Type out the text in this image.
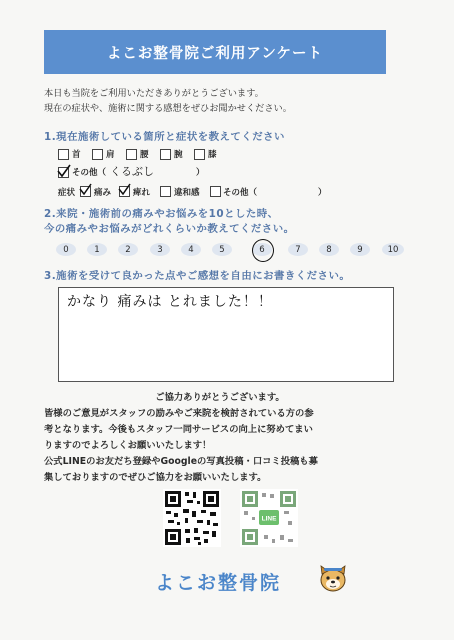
よこお整骨院ご利用アンケート
本日も当院をご利用いただきありがとうございます。
現在の症状や、施術に関する感想をぜひお聞かせください。
1.現在施術している箇所と症状を教えてください
首	肩	腰	腕	膝
その他（ くるぶし	）
症状 痛み	痺れ	違和感	その他（	）
2.来院・施術前の痛みやお悩みを10とした時、
今の痛みやお悩みがどれくらいか教えてください。
0	1	2	3	4	5	6	7	8	9	10
3.施術を受けて良かった点やご感想を自由にお書きください。
かなり 痛みは とれました！！
ご協力ありがとうございます。
皆様のご意見がスタッフの励みやご来院を検討されている方の参
考となります。今後もスタッフ一同サービスの向上に努めてまい
りますのでよろしくお願いいたします！
公式LINEのお友だち登録やGoogleの写真投稿・口コミ投稿も募
集しておりますのでぜひご協力をお願いいたします。
LINE
よこお整骨院
